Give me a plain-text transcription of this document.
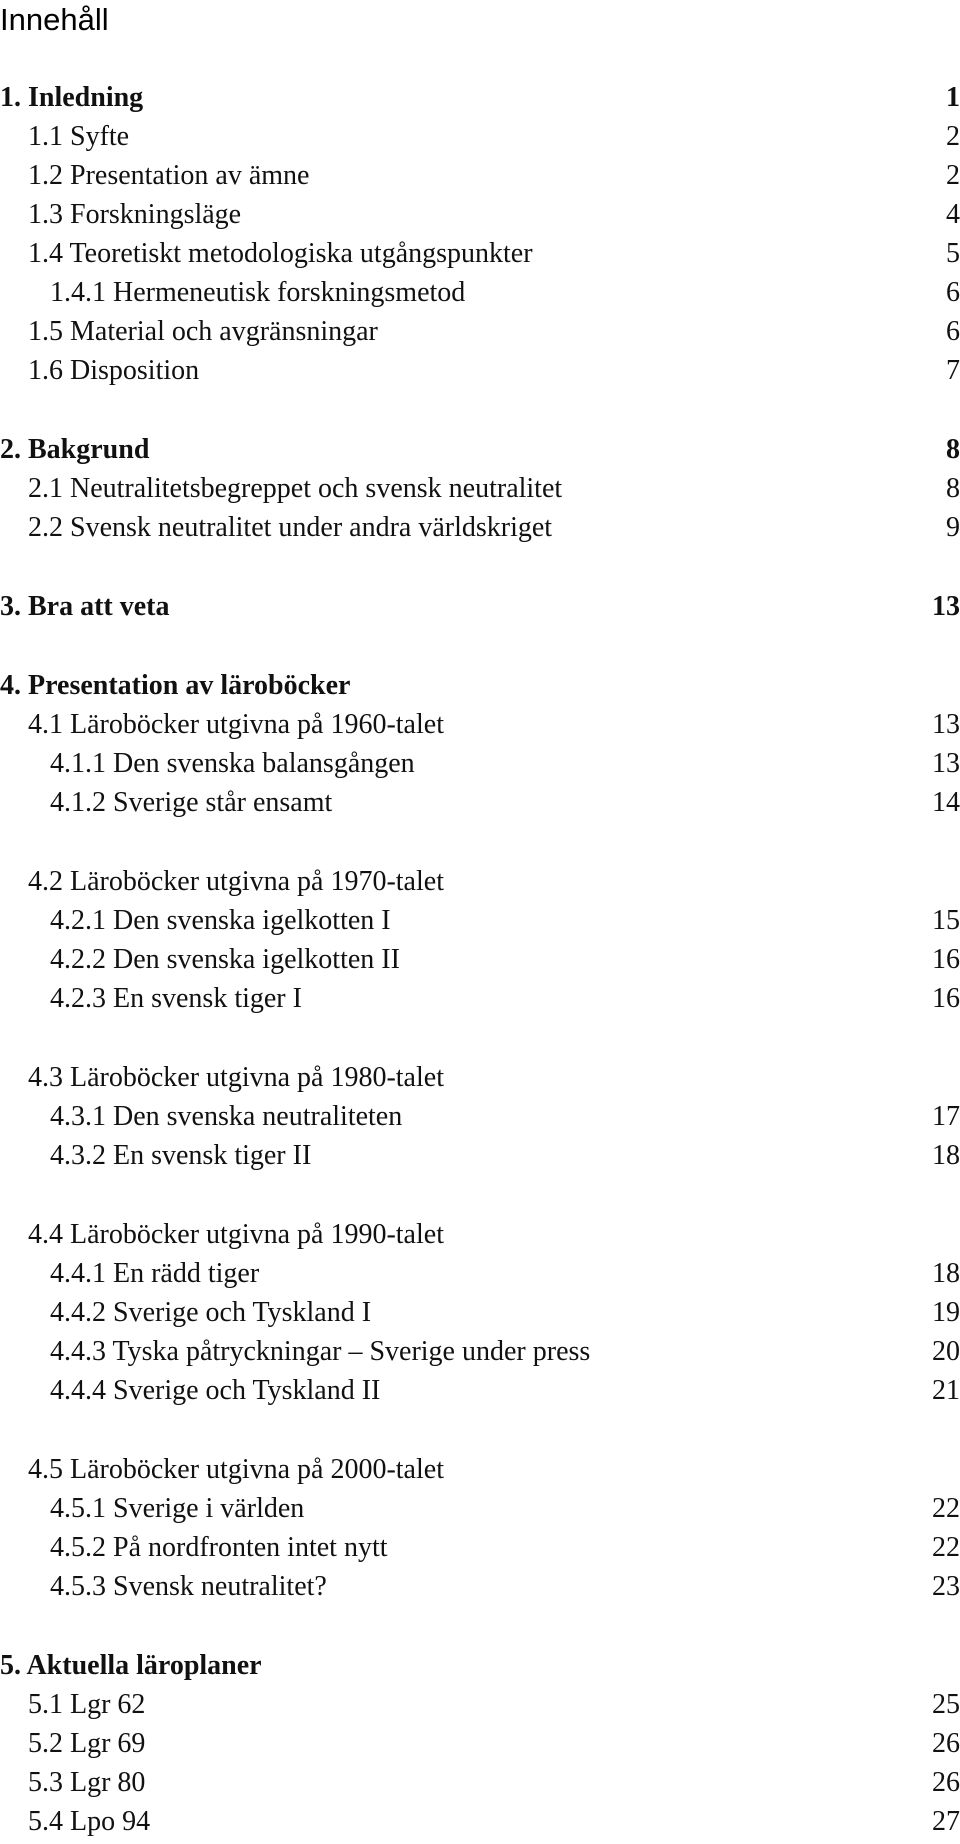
Innehåll
1. Inledning	1
1.1 Syfte	2
1.2 Presentation av ämne	2
1.3 Forskningsläge	4
1.4 Teoretiskt metodologiska utgångspunkter	5
1.4.1 Hermeneutisk forskningsmetod	6
1.5 Material och avgränsningar	6
1.6 Disposition	7
2. Bakgrund	8
2.1 Neutralitetsbegreppet och svensk neutralitet	8
2.2 Svensk neutralitet under andra världskriget	9
3. Bra att veta	13
4. Presentation av läroböcker
4.1 Läroböcker utgivna på 1960-talet	13
4.1.1 Den svenska balansgången	13
4.1.2 Sverige står ensamt	14
4.2 Läroböcker utgivna på 1970-talet
4.2.1 Den svenska igelkotten I	15
4.2.2 Den svenska igelkotten II	16
4.2.3 En svensk tiger I	16
4.3 Läroböcker utgivna på 1980-talet
4.3.1 Den svenska neutraliteten	17
4.3.2 En svensk tiger II	18
4.4 Läroböcker utgivna på 1990-talet
4.4.1 En rädd tiger	18
4.4.2 Sverige och Tyskland I	19
4.4.3 Tyska påtryckningar – Sverige under press	20
4.4.4 Sverige och Tyskland II	21
4.5 Läroböcker utgivna på 2000-talet
4.5.1 Sverige i världen	22
4.5.2 På nordfronten intet nytt	22
4.5.3 Svensk neutralitet?	23
5. Aktuella läroplaner
5.1 Lgr 62	25
5.2 Lgr 69	26
5.3 Lgr 80	26
5.4 Lpo 94	27
